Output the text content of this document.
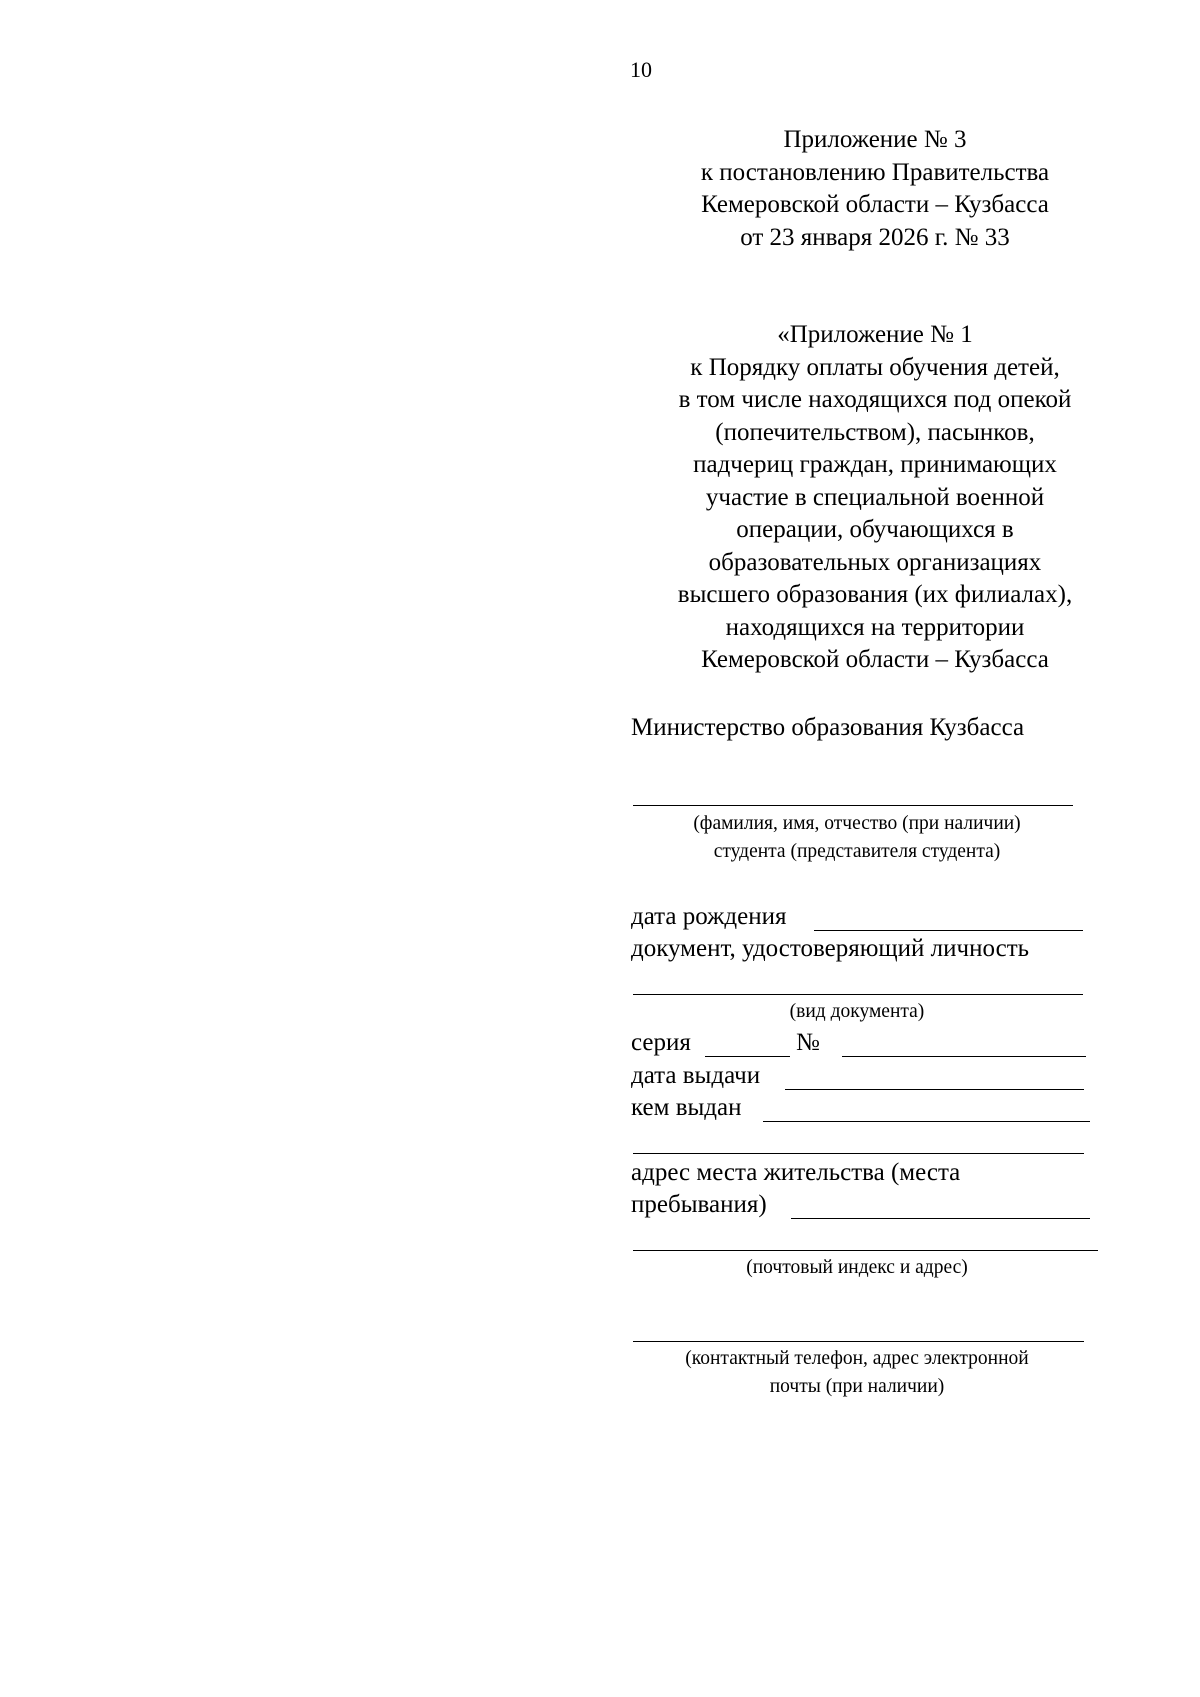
10
Приложение № 3
к постановлению Правительства
Кемеровской области – Кузбасса
от 23 января 2026 г. № 33
«Приложение № 1
к Порядку оплаты обучения детей,
в том числе находящихся под опекой
(попечительством), пасынков,
падчериц граждан, принимающих
участие в специальной военной
операции, обучающихся в
образовательных организациях
высшего образования (их филиалах),
находящихся на территории
Кемеровской области – Кузбасса
Министерство образования Кузбасса
(фамилия, имя, отчество (при наличии)
студента (представителя студента)
дата рождения
документ, удостоверяющий личность
(вид документа)
серия	№
дата выдачи
кем выдан
адрес места жительства (места
пребывания)
(почтовый индекс и адрес)
(контактный телефон, адрес электронной
почты (при наличии)
